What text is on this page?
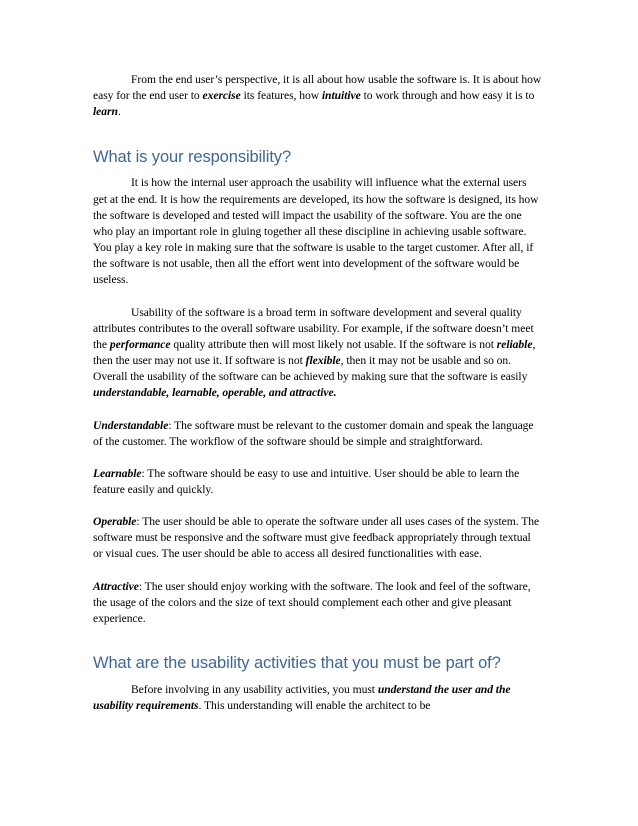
From the end user’s perspective, it is all about how usable the software is. It is about how easy for the end user to exercise its features, how intuitive to work through and how easy it is to learn.

What is your responsibility?

It is how the internal user approach the usability will influence what the external users get at the end. It is how the requirements are developed, its how the software is designed, its how the software is developed and tested will impact the usability of the software. You are the one who play an important role in gluing together all these discipline in achieving usable software. You play a key role in making sure that the software is usable to the target customer. After all, if the software is not usable, then all the effort went into development of the software would be useless.

Usability of the software is a broad term in software development and several quality attributes contributes to the overall software usability. For example, if the software doesn’t meet the performance quality attribute then will most likely not usable. If the software is not reliable, then the user may not use it. If software is not flexible, then it may not be usable and so on. Overall the usability of the software can be achieved by making sure that the software is easily understandable, learnable, operable, and attractive.

Understandable: The software must be relevant to the customer domain and speak the language of the customer. The workflow of the software should be simple and straightforward.

Learnable: The software should be easy to use and intuitive. User should be able to learn the feature easily and quickly.

Operable: The user should be able to operate the software under all uses cases of the system. The software must be responsive and the software must give feedback appropriately through textual or visual cues. The user should be able to access all desired functionalities with ease.

Attractive: The user should enjoy working with the software. The look and feel of the software, the usage of the colors and the size of text should complement each other and give pleasant experience.

What are the usability activities that you must be part of?

Before involving in any usability activities, you must understand the user and the usability requirements. This understanding will enable the architect to be
